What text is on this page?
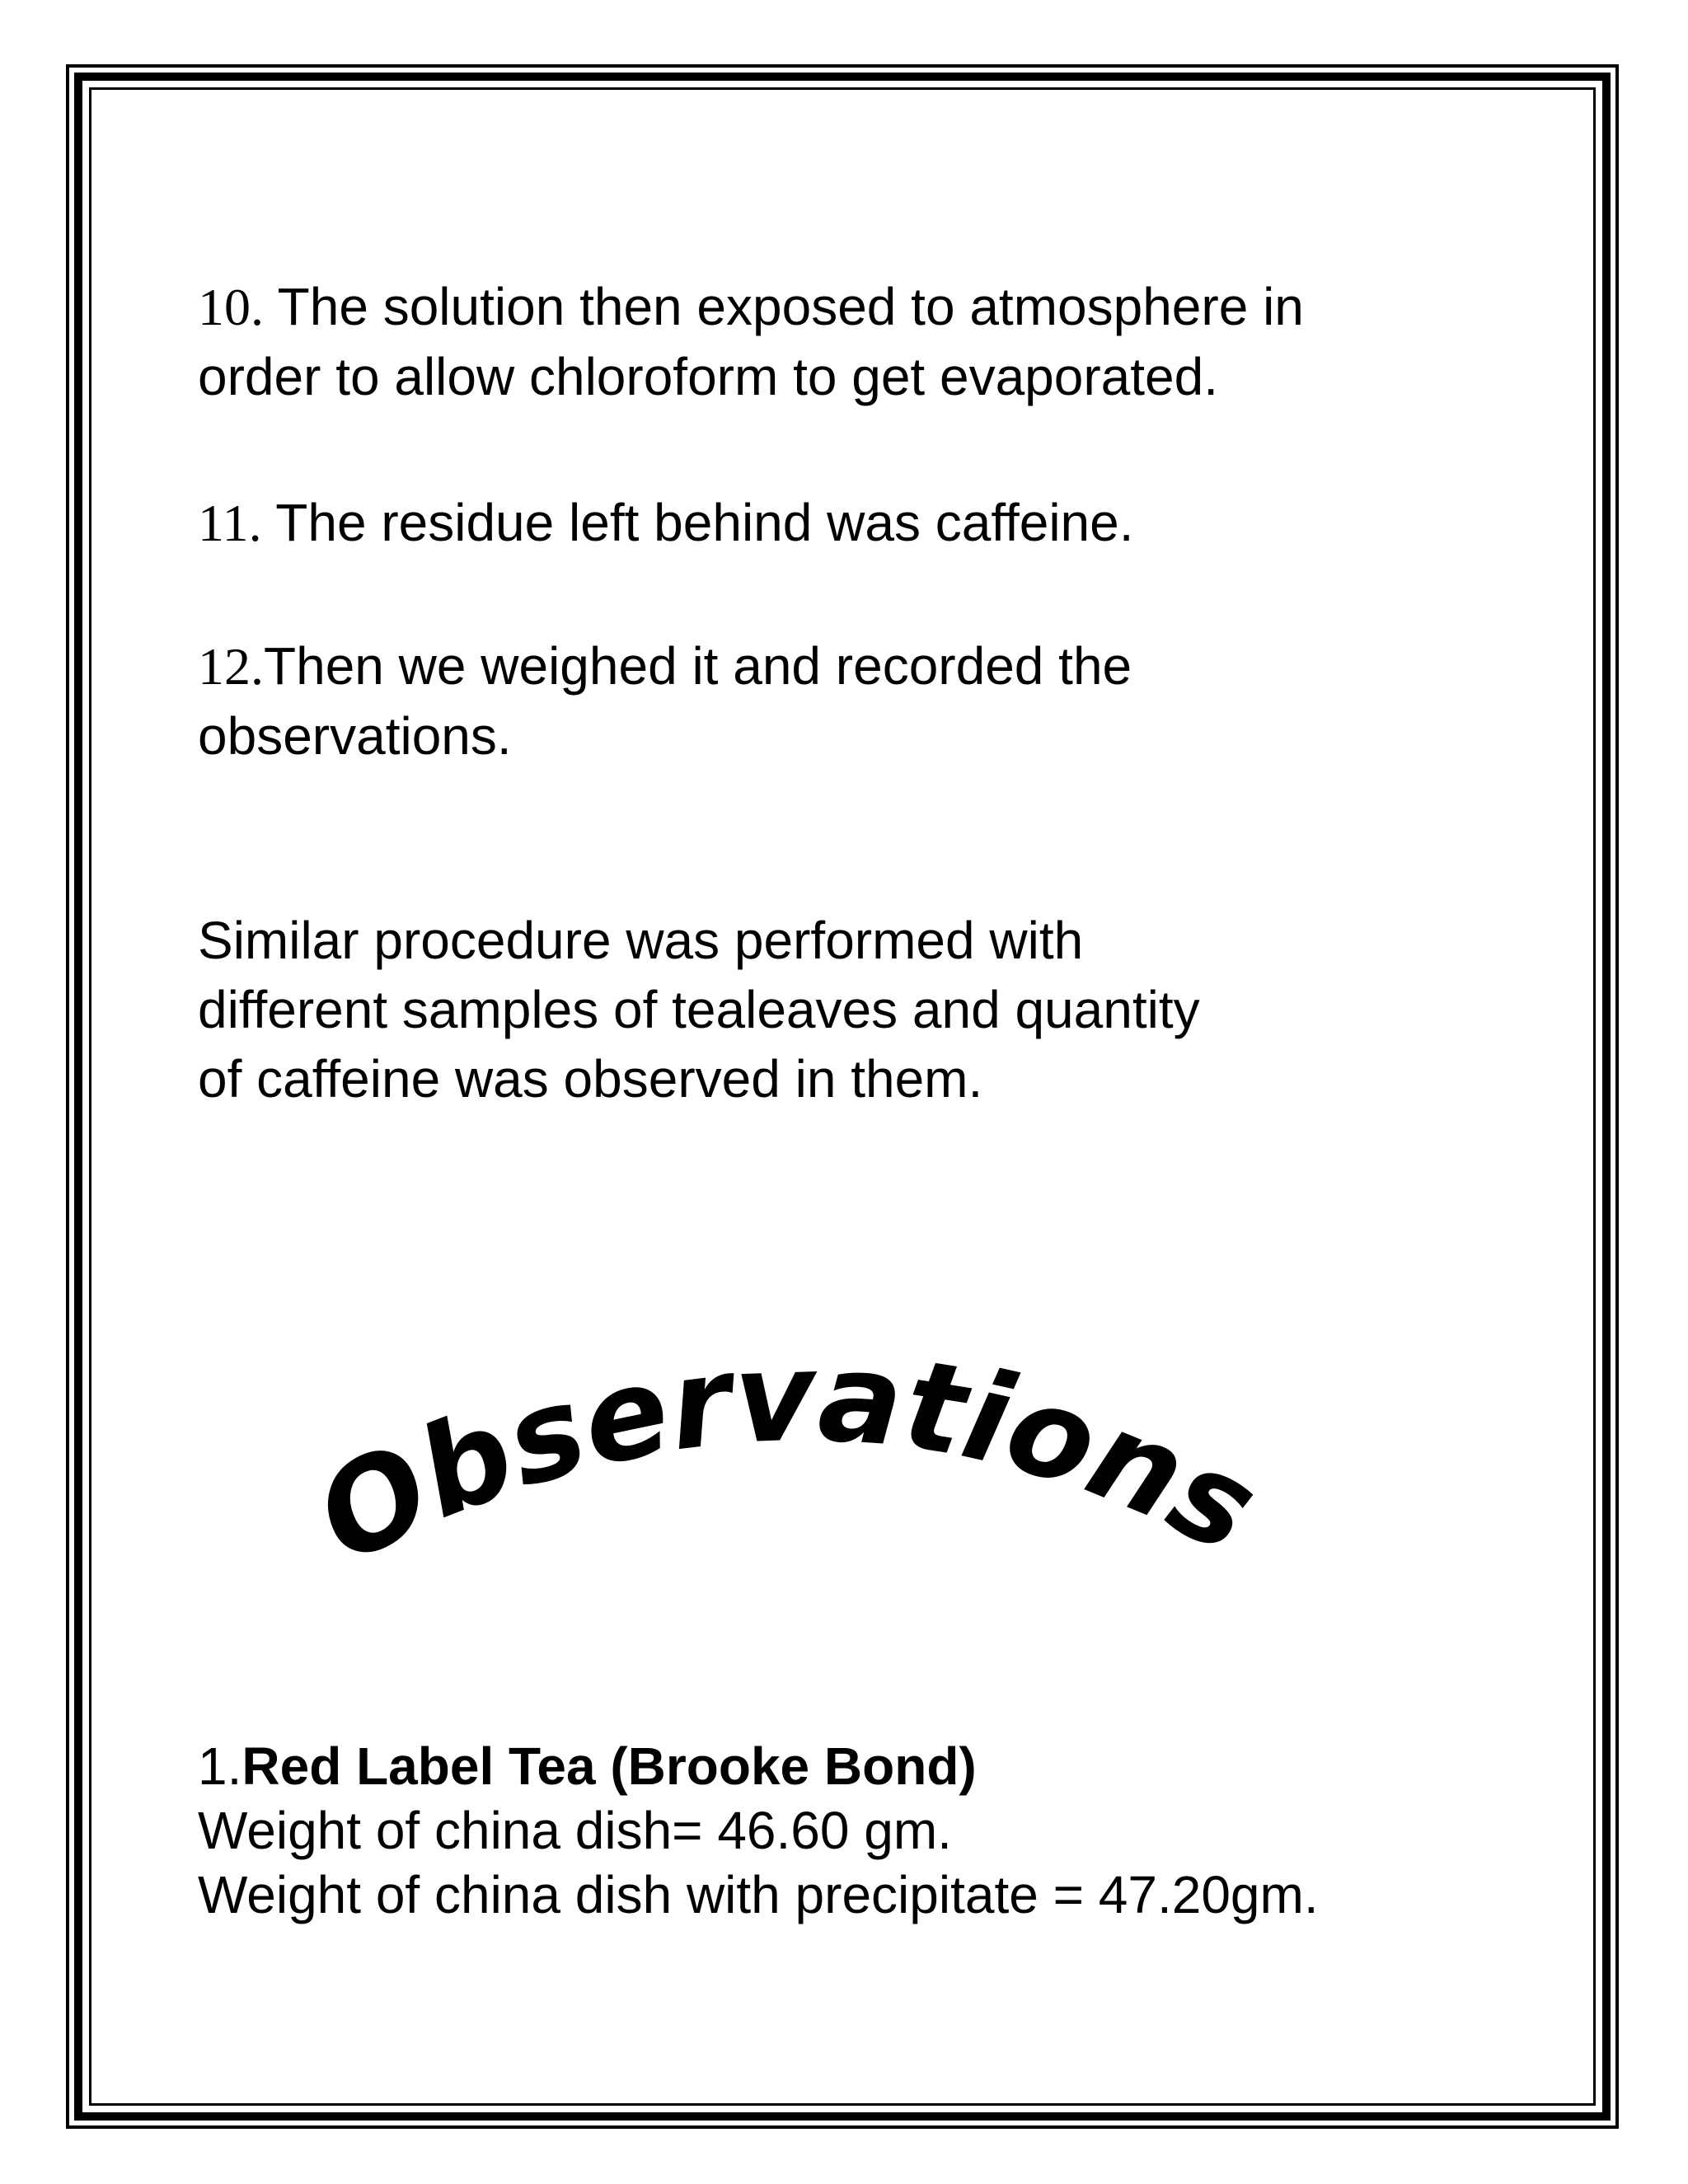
10. The solution then exposed to atmosphere in
order to allow chloroform to get evaporated.

11. The residue left behind was caffeine.

12.Then we weighed it and recorded the
observations.

Similar procedure was performed with
different samples of tealeaves and quantity
of caffeine was observed in them.

Observations
1.Red Label Tea (Brooke Bond)
Weight of china dish= 46.60 gm.
Weight of china dish with precipitate = 47.20gm.
